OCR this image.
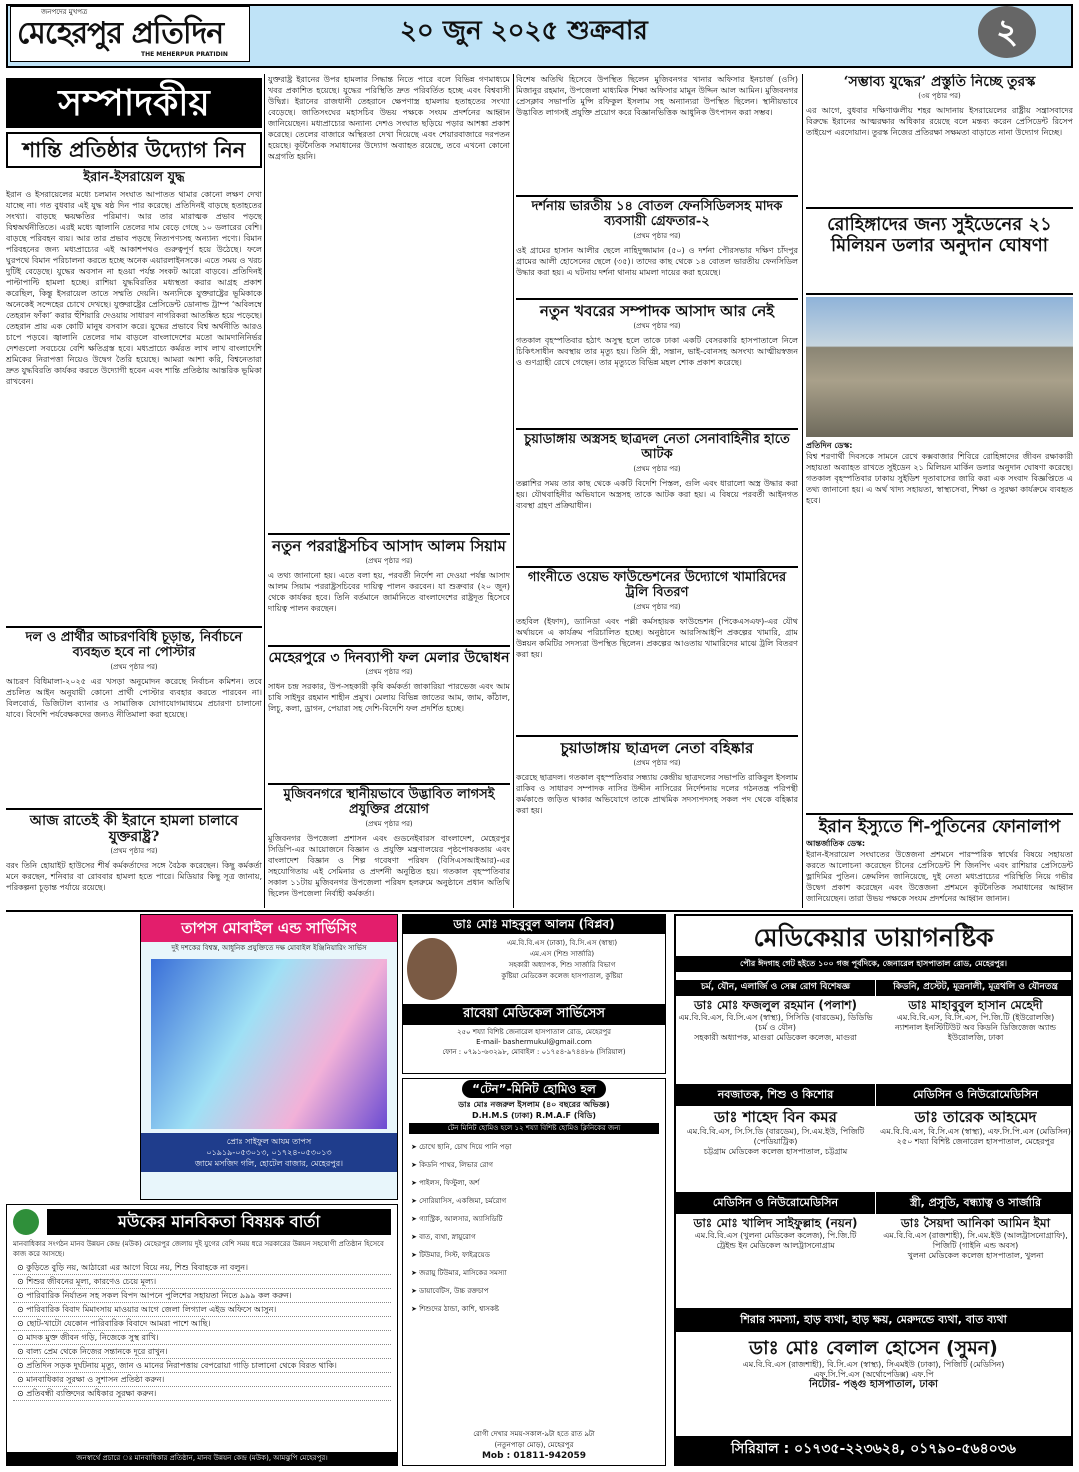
জনপদের মুখপত্র
মেহেরপুর প্রতিদিন
THE MEHERPUR PRATIDIN
২০ জুন ২০২৫ শুক্রবার	২
সম্পাদকীয়
শান্তি প্রতিষ্ঠার উদ্যোগ নিন
ইরান-ইসরায়েল যুদ্ধ
ইরান ও ইসরায়েলের মধ্যে চলমান সংঘাত আপাতত থামার কোনো লক্ষণ দেখা যাচ্ছে না। গত বুধবার এই যুদ্ধ ষষ্ঠ দিন পার করেছে। প্রতিদিনই বাড়ছে হতাহতের সংখ্যা। বাড়ছে ক্ষয়ক্ষতির পরিমাণ। আর তার মারাত্মক প্রভাব পড়ছে বিশ্বঅর্থনীতিতে। এরই মধ্যে জ্বালানি তেলের দাম বেড়ে গেছে ১০ ডলারের বেশি। বাড়ছে পরিবহন ব্যয়। আর তার প্রভাব পড়ছে নিত্যপণ্যসহ অন্যান্য পণ্যে। বিমান পরিবহনের জন্য মধ্যপ্রাচ্যের এই আকাশপথও গুরুত্বপূর্ণ হয়ে উঠেছে। ফলে ঘুরপথে বিমান পরিচালনা করতে হচ্ছে অনেক এয়ারলাইনসকে। এতে সময় ও খরচ দুটিই বেড়েছে। যুদ্ধের অবসান না হওয়া পর্যন্ত সংকট আরো বাড়বে। প্রতিদিনই পাল্টাপাল্টি হামলা হচ্ছে। রাশিয়া যুদ্ধবিরতির মধ্যস্থতা করার আগ্রহ প্রকাশ করেছিল, কিন্তু ইসরায়েল তাতে সম্মতি দেয়নি। অন্যদিকে যুক্তরাষ্ট্রের ভূমিকাকে অনেকেই সন্দেহের চোখে দেখছে। যুক্তরাষ্ট্রের প্রেসিডেন্ট ডোনাল্ড ট্রাম্প ‘অবিলম্বে তেহরান ফাঁকা’ করার হুঁশিয়ারি দেওয়ায় সাধারণ নাগরিকরা আতঙ্কিত হয়ে পড়েছে। তেহরান প্রায় এক কোটি মানুষ বসবাস করে। যুদ্ধের প্রভাবে বিশ্ব অর্থনীতি আরও চাপে পড়বে। জ্বালানি তেলের দাম বাড়লে বাংলাদেশের মতো আমদানিনির্ভর দেশগুলো সবচেয়ে বেশি ক্ষতিগ্রস্ত হবে। মধ্যপ্রাচ্যে কর্মরত লাখ লাখ বাংলাদেশি শ্রমিকের নিরাপত্তা নিয়েও উদ্বেগ তৈরি হয়েছে। আমরা আশা করি, বিশ্বনেতারা দ্রুত যুদ্ধবিরতি কার্যকর করতে উদ্যোগী হবেন এবং শান্তি প্রতিষ্ঠায় আন্তরিক ভূমিকা রাখবেন।
দল ও প্রার্থীর আচরণবিধি চূড়ান্ত, নির্বাচনে ব্যবহৃত হবে না পোস্টার
(প্রথম পৃষ্ঠার পর)
আচরণ বিধিমালা-২০২৫ এর খসড়া অনুমোদন করেছে নির্বাচন কমিশন। তবে প্রচলিত আইন অনুযায়ী কোনো প্রার্থী পোস্টার ব্যবহার করতে পারবেন না। বিলবোর্ড, ডিজিটাল ব্যানার ও সামাজিক যোগাযোগমাধ্যমে প্রচারণা চালানো যাবে। বিদেশি পর্যবেক্ষকদের জন্যও নীতিমালা করা হয়েছে।
আজ রাতেই কী ইরানে হামলা চালাবে যুক্তরাষ্ট্র?
(প্রথম পৃষ্ঠার পর)
বরং তিনি হোয়াইট হাউসের শীর্ষ কর্মকর্তাদের সঙ্গে বৈঠক করেছেন। কিছু কর্মকর্তা মনে করছেন, শনিবার বা রোববার হামলা হতে পারে। মিডিয়ার কিছু সূত্র জানায়, পরিকল্পনা চূড়ান্ত পর্যায়ে রয়েছে।
যুক্তরাষ্ট্র ইরানের উপর হামলার সিদ্ধান্ত নিতে পারে বলে বিভিন্ন গণমাধ্যমে খবর প্রকাশিত হয়েছে। যুদ্ধের পরিস্থিতি দ্রুত পরিবর্তিত হচ্ছে এবং বিশ্ববাসী উদ্বিগ্ন। ইরানের রাজধানী তেহরানে ক্ষেপণাস্ত্র হামলায় হতাহতের সংখ্যা বেড়েছে। জাতিসংঘের মহাসচিব উভয় পক্ষকে সংযম প্রদর্শনের আহ্বান জানিয়েছেন। মধ্যপ্রাচ্যের অন্যান্য দেশও সংঘাত ছড়িয়ে পড়ার আশঙ্কা প্রকাশ করেছে। তেলের বাজারে অস্থিরতা দেখা দিয়েছে এবং শেয়ারবাজারে দরপতন হয়েছে। কূটনৈতিক সমাধানের উদ্যোগ অব্যাহত রয়েছে, তবে এখনো কোনো অগ্রগতি হয়নি।
নতুন পররাষ্ট্রসচিব আসাদ আলম সিয়াম
(প্রথম পৃষ্ঠার পর)
এ তথ্য জানানো হয়। এতে বলা হয়, পরবর্তী নির্দেশ না দেওয়া পর্যন্ত আসাদ আলম সিয়াম পররাষ্ট্রসচিবের দায়িত্ব পালন করবেন। যা শুক্রবার (২০ জুন) থেকে কার্যকর হবে। তিনি বর্তমানে জার্মানিতে বাংলাদেশের রাষ্ট্রদূত হিসেবে দায়িত্ব পালন করছেন।
মেহেরপুরে ৩ দিনব্যাপী ফল মেলার উদ্বোধন
(প্রথম পৃষ্ঠার পর)
সাধন চন্দ্র সরকার, উপ-সহকারী কৃষি কর্মকর্তা জাকারিয়া পারভেজ এবং আম চাষি সাইদুর রহমান শাহীন প্রমুখ। মেলায় বিভিন্ন জাতের আম, জাম, কাঁঠাল, লিচু, কলা, ড্রাগন, পেয়ারা সহ দেশি-বিদেশি ফল প্রদর্শিত হচ্ছে।
মুজিবনগরে স্থানীয়ভাবে উদ্ভাবিত লাগসই প্রযুক্তির প্রয়োগ
(প্রথম পৃষ্ঠার পর)
মুজিবনগর উপজেলা প্রশাসন এবং গুডনেইবারস বাংলাদেশ, মেহেরপুর সিডিপি-এর আয়োজনে বিজ্ঞান ও প্রযুক্তি মন্ত্রণালয়ের পৃষ্ঠপোষকতায় এবং বাংলাদেশ বিজ্ঞান ও শিল্প গবেষণা পরিষদ (বিসিএসআইআর)-এর সহযোগিতায় এই সেমিনার ও প্রদর্শনী অনুষ্ঠিত হয়। গতকাল বৃহস্পতিবার সকাল ১১টায় মুজিবনগর উপজেলা পরিষদ হলরুমে অনুষ্ঠানে প্রধান অতিথি ছিলেন উপজেলা নির্বাহী কর্মকর্তা।
বিশেষ অতিথি হিসেবে উপস্থিত ছিলেন মুজিবনগর খানার অফিসার ইনচার্জ (ওসি) মিজানুর রহমান, উপজেলা মাধ্যমিক শিক্ষা অফিসার মামুন উদ্দিন আল আমিন। মুজিবনগর প্রেসক্লাব সভাপতি মুন্সি রফিকুল ইসলাম সহ অন্যান্যরা উপস্থিত ছিলেন। স্থানীয়ভাবে উদ্ভাবিত লাগসই প্রযুক্তি প্রয়োগ করে বিজ্ঞানভিত্তিক আধুনিক উৎপাদন করা সম্ভব।
দর্শনায় ভারতীয় ১৪ বোতল ফেনসিডিলসহ মাদক ব্যবসায়ী গ্রেফতার-২
(প্রথম পৃষ্ঠার পর)
ওই গ্রামের হাসান আলীর ছেলে নাহিদুজ্জামান (৫০) ও দর্শনা পৌরসভার দক্ষিণ চাঁদপুর গ্রামের আলী হোসেনের ছেলে (৩৫)। তাদের কাছ থেকে ১৪ বোতল ভারতীয় ফেনসিডিল উদ্ধার করা হয়। এ ঘটনায় দর্শনা থানায় মামলা দায়ের করা হয়েছে।
নতুন খবরের সম্পাদক আসাদ আর নেই
(প্রথম পৃষ্ঠার পর)
গতকাল বৃহস্পতিবার হঠাৎ অসুস্থ হলে তাকে ঢাকা একটি বেসরকারি হাসপাতালে নিলে চিকিৎসাধীন অবস্থায় তার মৃত্যু হয়। তিনি স্ত্রী, সন্তান, ভাই-বোনসহ অসংখ্য আত্মীয়স্বজন ও গুণগ্রাহী রেখে গেছেন। তার মৃত্যুতে বিভিন্ন মহল শোক প্রকাশ করেছে।
চুয়াডাঙ্গায় অস্ত্রসহ ছাত্রদল নেতা সেনাবাহিনীর হাতে আটক
(প্রথম পৃষ্ঠার পর)
তল্লাশির সময় তার কাছ থেকে একটি বিদেশি পিস্তল, গুলি এবং ধারালো অস্ত্র উদ্ধার করা হয়। যৌথবাহিনীর অভিযানে অস্ত্রসহ তাকে আটক করা হয়। এ বিষয়ে পরবর্তী আইনগত ব্যবস্থা গ্রহণ প্রক্রিয়াধীন।
গাংনীতে ওয়েভ ফাউন্ডেশনের উদ্যোগে খামারিদের ট্রলি বিতরণ
(প্রথম পৃষ্ঠার পর)
তহবিল (ইফাদ), ড্যানিডা এবং পল্লী কর্মসহায়ক ফাউন্ডেশন (পিকেএসএফ)-এর যৌথ অর্থায়নে এ কার্যক্রম পরিচালিত হচ্ছে। অনুষ্ঠানে আরসিআইপি প্রকল্পের খামারি, গ্রাম উন্নয়ন কমিটির সদস্যরা উপস্থিত ছিলেন। প্রকল্পের আওতায় খামারিদের মাঝে ট্রলি বিতরণ করা হয়।
চুয়াডাঙ্গায় ছাত্রদল নেতা বহিষ্কার
(প্রথম পৃষ্ঠার পর)
করেছে ছাত্রদল। গতকাল বৃহস্পতিবার সন্ধ্যায় কেন্দ্রীয় ছাত্রদলের সভাপতি রাকিবুল ইসলাম রাকিব ও সাধারণ সম্পাদক নাসির উদ্দীন নাসিরের নির্দেশনায় দলের গঠনতন্ত্র পরিপন্থী কর্মকাণ্ডে জড়িত থাকার অভিযোগে তাকে প্রাথমিক সদস্যপদসহ সকল পদ থেকে বহিষ্কার করা হয়।
‘সম্ভাব্য যুদ্ধের’ প্রস্তুতি নিচ্ছে তুরস্ক
(৩য় পৃষ্ঠার পর)
এর আগে, বুধবার দক্ষিণাঞ্চলীয় শহর আদানায় ইসরায়েলের রাষ্ট্রীয় সন্ত্রাসবাদের বিরুদ্ধে ইরানের আত্মরক্ষার অধিকার রয়েছে বলে মন্তব্য করেন প্রেসিডেন্ট রিসেপ তাইয়েপ এরদোয়ান। তুরস্ক নিজের প্রতিরক্ষা সক্ষমতা বাড়াতে নানা উদ্যোগ নিচ্ছে।
রোহিঙ্গাদের জন্য সুইডেনের ২১ মিলিয়ন ডলার অনুদান ঘোষণা
প্রতিদিন ডেস্ক:
বিশ্ব শরণার্থী দিবসকে সামনে রেখে কক্সবাজার শিবিরে রোহিঙ্গাদের জীবন রক্ষাকারী সহায়তা অব্যাহত রাখতে সুইডেন ২১ মিলিয়ন মার্কিন ডলার অনুদান ঘোষণা করেছে। গতকাল বৃহস্পতিবার ঢাকায় সুইডিশ দূতাবাসের জারি করা এক সংবাদ বিজ্ঞপ্তিতে এ তথ্য জানানো হয়। এ অর্থ খাদ্য সহায়তা, স্বাস্থ্যসেবা, শিক্ষা ও সুরক্ষা কার্যক্রমে ব্যবহৃত হবে।
ইরান ইস্যুতে শি-পুতিনের ফোনালাপ
আন্তর্জাতিক ডেস্ক:
ইরান-ইসরায়েল সংঘাতের উত্তেজনা প্রশমনে পারস্পরিক স্বার্থের বিষয়ে সহায়তা করতে আলোচনা করেছেন চীনের প্রেসিডেন্ট শি জিনপিং এবং রাশিয়ার প্রেসিডেন্ট ভ্লাদিমির পুতিন। ক্রেমলিন জানিয়েছে, দুই নেতা মধ্যপ্রাচ্যের পরিস্থিতি নিয়ে গভীর উদ্বেগ প্রকাশ করেছেন এবং উত্তেজনা প্রশমনে কূটনৈতিক সমাধানের আহ্বান জানিয়েছেন। তারা উভয় পক্ষকে সংযম প্রদর্শনের আহ্বান জানান।
তাপস মোবাইল এন্ড সার্ভিসিং
দুই দশকের বিশ্বস্ত, আধুনিক প্রযুক্তিতে দক্ষ মোবাইল ইঞ্জিনিয়ারিং সার্ভিস
প্রোঃ সাইফুল আযম তাপস
০১৯১৯-০৫৩০১৩, ০১৭২৪-০৫৩০১৩
জামে মসজিদ গলি, হোটেল বাজার, মেহেরপুর।
মউকের মানবিকতা বিষয়ক বার্তা
মানবাধিকার সংগঠন মানব উন্নয়ন কেন্দ্র (মউক) মেহেরপুর জেলায় দুই যুগের বেশি সময় ধরে সরকারের উন্নয়ন সহযোগী প্রতিষ্ঠান হিসেবে কাজ করে আসছে।
⊙ কুড়িতে বুড়ি নয়, আঠারো এর আগে বিয়ে নয়, শিশু বিবাহকে না বলুন।
⊙ শিশুর জীবনের মূল্য, কারণেও চেয়ে মূল্য।
⊙ পারিবারিক নির্যাতন সহ সকল বিপদ আপনে পুলিশের সহায়তা নিতে ৯৯৯ কল করুন।
⊙ পারিবারিক বিবাদ মিমাংসায় মাওয়ার আগে জেলা লিগ্যাল এইড অফিসে আসুন।
⊙ ছোট-খাটো যেকোন পারিবারিক বিবাদে আমরা পাশে আছি।
⊙ মাদক মুক্ত জীবন গড়ি, নিজেকে সুস্থ রাখি।
⊙ বাল্য প্রেম থেকে নিজের সন্তানকে দূরে রাখুন।
⊙ প্রতিদিন সড়ক দুর্ঘটনায় মৃত্যু, জান ও মানের নিরাপত্তায় বেপরোয়া গাড়ি চালানো থেকে বিরত থাকি।
⊙ মানবাধিকার সুরক্ষা ও সুশাসন প্রতিষ্ঠা করুন।
⊙ প্রতিবন্ধী ব্যক্তিদের অধিকার সুরক্ষা করুন।
জনস্বার্থে প্রচারে ঃ মানবাধিকার প্রতিষ্ঠান, মানব উন্নয়ন কেন্দ্র (মউক), আমঝুপি মেহেরপুর।
ডাঃ মোঃ মাহবুবুল আলম (বিপ্লব)
এম.বি.বি.এস (ঢাকা), বি.সি.এস (স্বাস্থ্য)
এম.এস (শিশু সার্জারি)
সহকারী অধ্যাপক, শিশু সার্জারি বিভাগ
কুষ্টিয়া মেডিকেল কলেজ হাসপাতাল, কুষ্টিয়া
রাবেয়া মেডিকেল সার্ভিসেস
২৫০ শয্যা বিশিষ্ট জেনারেল হাসপাতাল রোড, মেহেরপুর
E-mail- bashermukul@gmail.com
ফোন : ০৭৯১-৬৩২৯৮, মোবাইল : ০১৭৫৪-৯৭৪৪৮৬ (সিরিয়াল)
“টেন”-মিনিট হোমিও হল
ডাঃ মোঃ নজরুল ইসলাম (৪০ বছরের অভিজ্ঞ)
D.H.M.S (ঢাকা) R.M.A.F (বিডি)
টেন মিনিট হোমিও হলে ১২ শয্যা বিশিষ্ট হোমিও ক্লিনিকের জন্য
➤ চোখে ছানি, চোখ দিয়ে পানি পড়া
➤ কিডনি পাথর, লিভার রোগ
➤ পাইলস, ফিস্টুলা, অর্শ
➤ সোরিয়াসিস, একজিমা, চর্মরোগ
➤ গ্যাস্ট্রিক, আলসার, অ্যাসিডিটি
➤ বাত, ব্যথা, স্নায়ুরোগ
➤ টিউমার, সিস্ট, ফাইব্রয়েড
➤ জরায়ু টিউমার, মাসিকের সমস্যা
➤ ডায়াবেটিস, উচ্চ রক্তচাপ
➤ শিশুদের ঠান্ডা, কাশি, শ্বাসকষ্ট
রোগী দেখার সময়-সকাল-৯টা হতে রাত ৯টা
(নতুনপাড়া মোড়), মেহেরপুর
Mob : 01811-942059
মেডিকেয়ার ডায়াগনষ্টিক
পৌর ঈদগাহ গেট হইতে ১০০ গজ পূর্বদিকে, জেনারেল হাসপাতাল রোড, মেহেরপুর।
চর্ম, যৌন, এলার্জি ও সেক্স রোগ বিশেষজ্ঞ	কিডনি, প্রস্টেট, মূত্রনালী, মূত্রথলি ও যৌনতন্ত্র
ডাঃ মোঃ ফজলুল রহমান (পলাশ)
এম.বি.বি.এস, বি.সি.এস (স্বাস্থ্য), সিসিডি (বারডেম), ডিডিভি (চর্ম ও যৌন)
সহকারী অধ্যাপক, মাগুরা মেডিকেল কলেজ, মাগুরা
ডাঃ মাহাবুবুল হাসান মেহেদী
এম.বি.বি.এস, বি.সি.এস, পি.জি.টি (ইউরোলজি)
ন্যাশনাল ইনস্টিটিউট অব কিডনি ডিজিজেজ অ্যান্ড ইউরোলজি, ঢাকা
নবজাতক, শিশু ও কিশোর	মেডিসিন ও নিউরোমেডিসিন
ডাঃ শাহেদ বিন কমর
এম.বি.বি.এস, সি.সি.ডি (বারডেম), সি.এম.ইউ, পিজিটি (পেডিয়াট্রিক)
চট্টগ্রাম মেডিকেল কলেজ হাসপাতাল, চট্টগ্রাম
ডাঃ তারেক আহমেদ
এম.বি.বি.এস, বি.সি.এস (স্বাস্থ্য), এফ.সি.পি.এস (মেডিসিন)
২৫০ শয্যা বিশিষ্ট জেনারেল হাসপাতাল, মেহেরপুর
মেডিসিন ও নিউরোমেডিসিন	স্ত্রী, প্রসূতি, বন্ধ্যাত্ব ও সার্জারি
ডাঃ মোঃ খালিদ সাইফুল্লাহ (নয়ন)
এম.বি.বি.এস (খুলনা মেডিকেল কলেজ), পি.জি.টি
ট্রেইন্ড ইন মেডিকেল আলট্রাসনোগ্রাম
ডাঃ সৈয়দা আনিকা আমিন ইমা
এম.বি.বি.এস (রাজশাহী), সি.এম.ইউ (আলট্রাসনোগ্রাফি), পিজিটি (গাইনি এন্ড অবস)
খুলনা মেডিকেল কলেজ হাসপাতাল, খুলনা
শিরার সমস্যা, হাড় ব্যথা, হাড় ক্ষয়, মেরুদন্ডে ব্যথা, বাত ব্যথা
ডাঃ মোঃ বেলাল হোসেন (সুমন)
এম.বি.বি.এস (রাজশাহী), বি.সি.এস (স্বাস্থ্য), সিএমইউ (ঢাকা), পিজিটি (মেডিসিন)
এফ.সি.পি.এস (অর্থোপেডিক্স) এফ.পি
নিটোর- পঙ্গু হাসপাতাল, ঢাকা
সিরিয়াল : ০১৭৩৫-২২৩৬২৪, ০১৭৯০-৫৬৪০৩৬
